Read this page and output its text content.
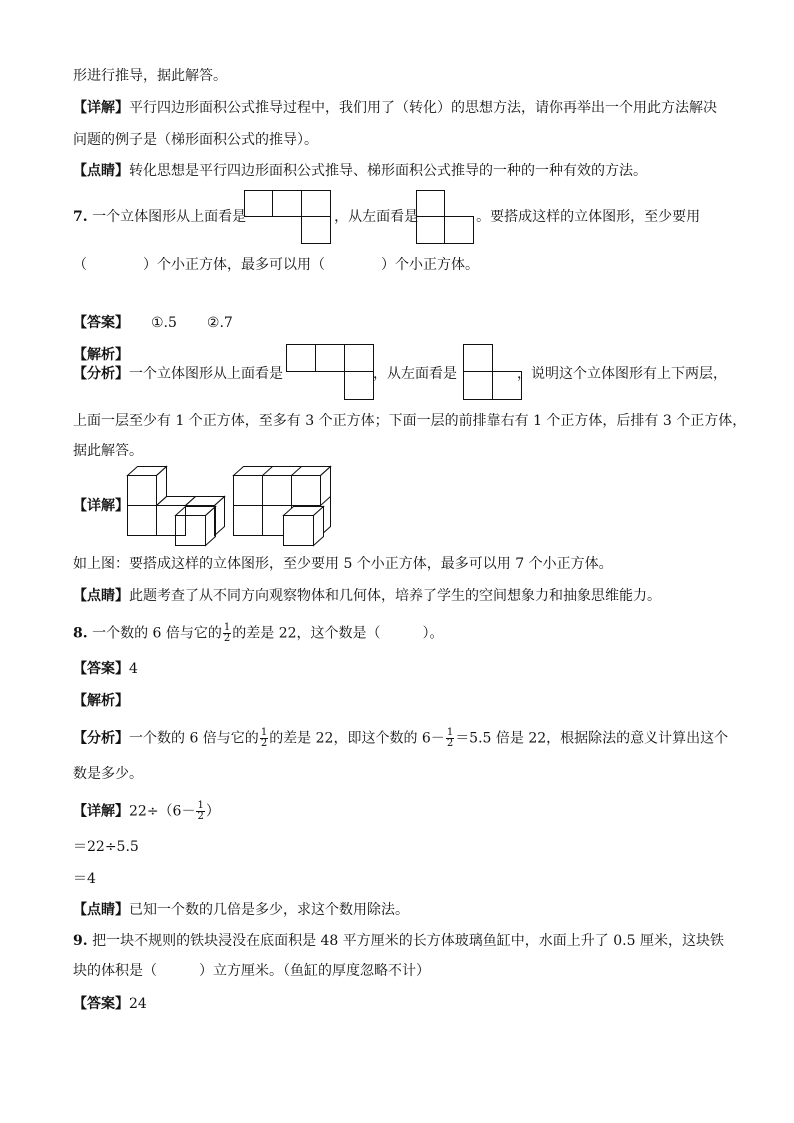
形进行推导，据此解答。
【详解】平行四边形面积公式推导过程中，我们用了（转化）的思想方法，请你再举出一个用此方法解决
问题的例子是（梯形面积公式的推导）。
【点睛】转化思想是平行四边形面积公式推导、梯形面积公式推导的一种的一种有效的方法。
7. 一个立体图形从上面看是	，从左面看是	。要搭成这样的立体图形，至少要用
（　　　　）个小正方体，最多可以用（　　　　）个小正方体。
【答案】 ①.5 ②.7
【解析】
【分析】一个立体图形从上面看是	，从左面看是	，说明这个立体图形有上下两层，
上面一层至少有 1 个正方体，至多有 3 个正方体；下面一层的前排靠右有 1 个正方体，后排有 3 个正方体，
据此解答。
【详解】
如上图：要搭成这样的立体图形，至少要用 5 个小正方体，最多可以用 7 个小正方体。
【点睛】此题考查了从不同方向观察物体和几何体，培养了学生的空间想象力和抽象思维能力。
8. 一个数的 6 倍与它的 $\frac{1}{2}$ 的差是 22，这个数是（　　　）。
【答案】4
【解析】
【分析】一个数的 6 倍与它的 $\frac{1}{2}$ 的差是 22，即这个数的 $6- \frac{1}{2} =5.5$ 倍是 22，根据除法的意义计算出这个
数是多少。
【详解】$22\div(6- \frac{1}{2}$ ）
＝22÷5.5
＝4
【点睛】已知一个数的几倍是多少，求这个数用除法。
9. 把一块不规则的铁块浸没在底面积是 48 平方厘米的长方体玻璃鱼缸中，水面上升了 0.5 厘米，这块铁
块的体积是（　　　）立方厘米。（鱼缸的厚度忽略不计）
【答案】24
